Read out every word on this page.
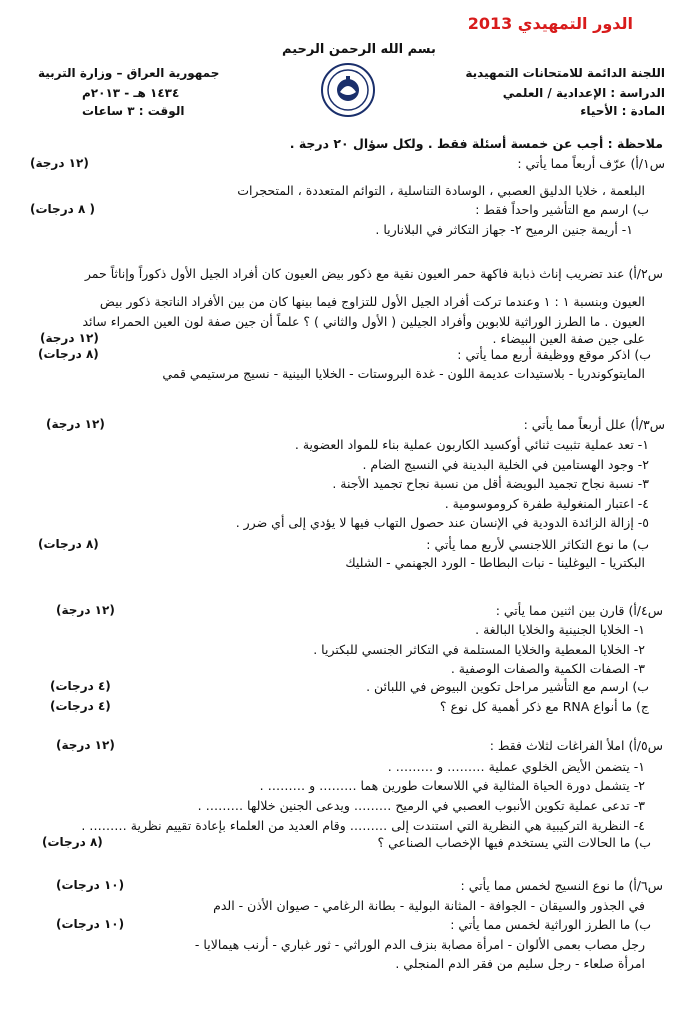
الدور التمهيدي 2013
بسم الله الرحمن الرحيم
اللجنة الدائمة للامتحانات التمهيدية
الدراسة : الإعدادية / العلمي
المادة : الأحياء
جمهورية العراق – وزارة التربية
١٤٣٤ هـ - ٢٠١٣م
الوقت : ٣ ساعات
ملاحظة : أجب عن خمسة أسئلة فقط . ولكل سؤال ٢٠ درجة .
س١/أ) عرّف أربعاً مما يأتي :
(١٢ درجة)
البلعمة ، خلايا الدليق العصبي ، الوسادة التناسلية ، التوائم المتعددة ، المتحجرات
ب) ارسم مع التأشير واحداً فقط :
( ٨ درجات)
١- أريمة جنين الرميح ٢- جهاز التكاثر في البلاناريا .
س٢/أ) عند تضريب إناث ذبابة فاكهة حمر العيون نقية مع ذكور بيض العيون كان أفراد الجيل الأول ذكوراً وإناثاً حمر
العيون وبنسبة ١ : ١ وعندما تركت أفراد الجيل الأول للتزاوج فيما بينها كان من بين الأفراد الناتجة ذكور بيض
العيون . ما الطرز الوراثية للابوين وأفراد الجيلين ( الأول والثاني ) ؟ علماً أن جين صفة لون العين الحمراء سائد
على جين صفة العين البيضاء .
(١٢ درجة)
ب) اذكر موقع ووظيفة أربع مما يأتي :
(٨ درجات)
المايتوكوندريا - بلاستيدات عديمة اللون - غدة البروستات - الخلايا البينية - نسيج مرستيمي قمي
س٣/أ) علل أربعاً مما يأتي :
(١٢ درجة)
١- تعد عملية تثبيت ثنائي أوكسيد الكاربون عملية بناء للمواد العضوية .
٢- وجود الهستامين في الخلية البدينة في النسيج الضام .
٣- نسبة نجاح تجميد البويضة أقل من نسبة نجاح تجميد الأجنة .
٤- اعتبار المنغولية طفرة كروموسومية .
٥- إزالة الزائدة الدودية في الإنسان عند حصول التهاب فيها لا يؤدي إلى أي ضرر .
ب) ما نوع التكاثر اللاجنسي لأربع مما يأتي :
(٨ درجات)
البكتريا - اليوغلينا - نبات البطاطا - الورد الجهنمي - الشليك
س٤/أ) قارن بين اثنين مما يأتي :
(١٢ درجة)
١- الخلايا الجنينية والخلايا البالغة .
٢- الخلايا المعطية والخلايا المستلمة في التكاثر الجنسي للبكتريا .
٣- الصفات الكمية والصفات الوصفية .
ب) ارسم مع التأشير مراحل تكوين البيوض في اللبائن .
(٤ درجات)
ج) ما أنواع RNA مع ذكر أهمية كل نوع ؟
(٤ درجات)
س٥/أ) املأ الفراغات لثلاث فقط :
(١٢ درجة)
١- يتضمن الأيض الخلوي عملية ……… و ……… .
٢- يتشمل دورة الحياة المثالية في اللاسعات طورين هما ……… و ……… .
٣- تدعى عملية تكوين الأنبوب العصبي في الرميح ……… ويدعى الجنين خلالها ……… .
٤- النظرية التركيبية هي النظرية التي استندت إلى ……… وقام العديد من العلماء بإعادة تقييم نظرية ……… .
ب) ما الحالات التي يستخدم فيها الإخصاب الصناعي ؟
(٨ درجات)
س٦/أ) ما نوع النسيج لخمس مما يأتي :
(١٠ درجات)
في الجذور والسيقان - الجوافة - المثانة البولية - بطانة الرغامي - صيوان الأذن - الدم
ب) ما الطرز الوراثية لخمس مما يأتي :
(١٠ درجات)
رجل مصاب بعمى الألوان - امرأة مصابة بنزف الدم الوراثي - ثور غباري - أرنب هيمالايا -
امرأة صلعاء - رجل سليم من فقر الدم المنجلي .
